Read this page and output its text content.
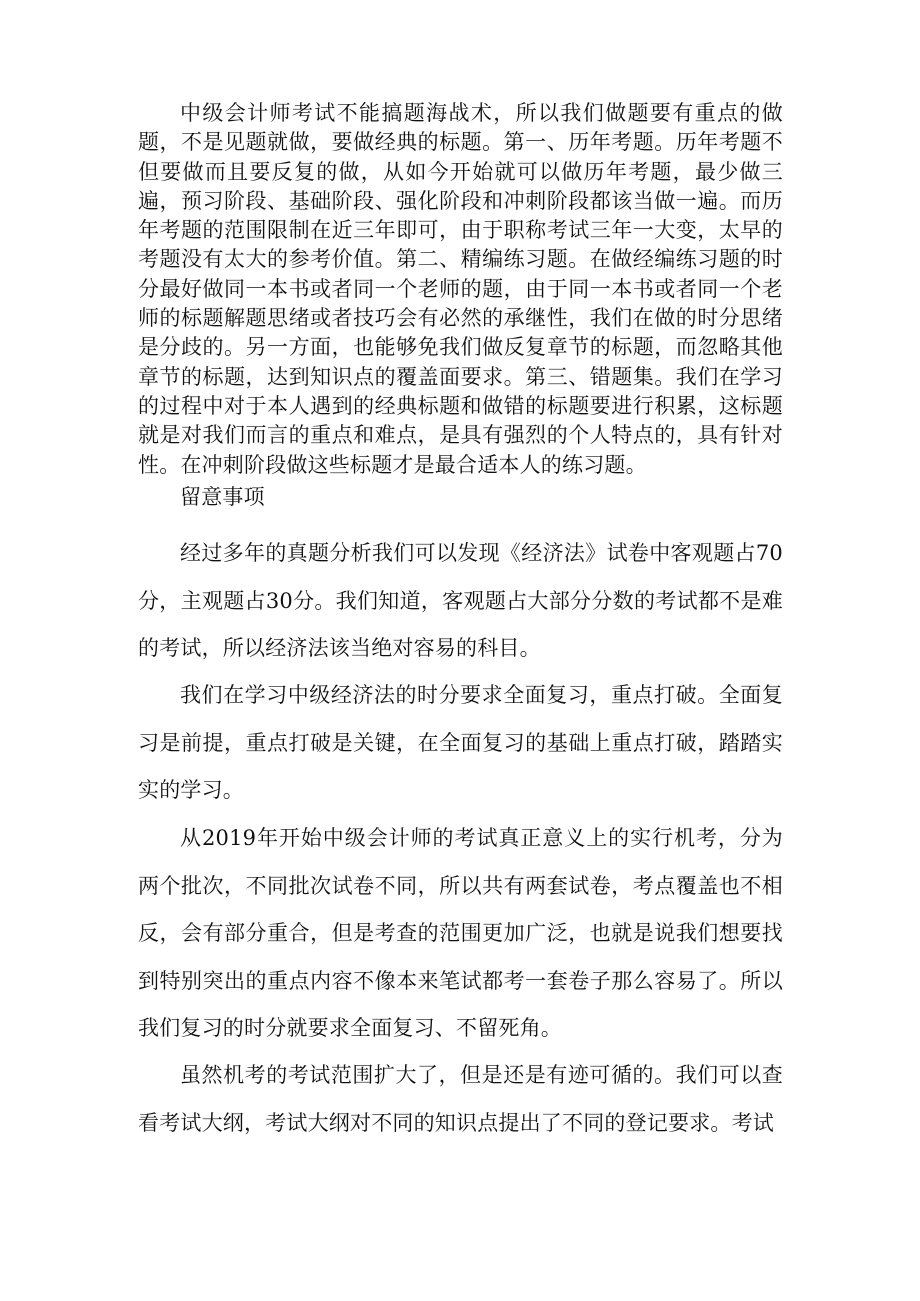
中级会计师考试不能搞题海战术，所以我们做题要有重点的做题，不是见题就做，要做经典的标题。第一、历年考题。历年考题不但要做而且要反复的做，从如今开始就可以做历年考题，最少做三遍，预习阶段、基础阶段、强化阶段和冲刺阶段都该当做一遍。而历年考题的范围限制在近三年即可，由于职称考试三年一大变，太早的考题没有太大的参考价值。第二、精编练习题。在做经编练习题的时分最好做同一本书或者同一个老师的题，由于同一本书或者同一个老师的标题解题思绪或者技巧会有必然的承继性，我们在做的时分思绪是分歧的。另一方面，也能够免我们做反复章节的标题，而忽略其他章节的标题，达到知识点的覆盖面要求。第三、错题集。我们在学习的过程中对于本人遇到的经典标题和做错的标题要进行积累，这标题就是对我们而言的重点和难点，是具有强烈的个人特点的，具有针对性。在冲刺阶段做这些标题才是最合适本人的练习题。

留意事项

经过多年的真题分析我们可以发现《经济法》试卷中客观题占70分，主观题占30分。我们知道，客观题占大部分分数的考试都不是难的考试，所以经济法该当绝对容易的科目。

我们在学习中级经济法的时分要求全面复习，重点打破。全面复习是前提，重点打破是关键，在全面复习的基础上重点打破，踏踏实实的学习。

从2019年开始中级会计师的考试真正意义上的实行机考，分为两个批次，不同批次试卷不同，所以共有两套试卷，考点覆盖也不相反，会有部分重合，但是考查的范围更加广泛，也就是说我们想要找到特别突出的重点内容不像本来笔试都考一套卷子那么容易了。所以我们复习的时分就要求全面复习、不留死角。

虽然机考的考试范围扩大了，但是还是有迹可循的。我们可以查看考试大纲，考试大纲对不同的知识点提出了不同的登记要求。考试
